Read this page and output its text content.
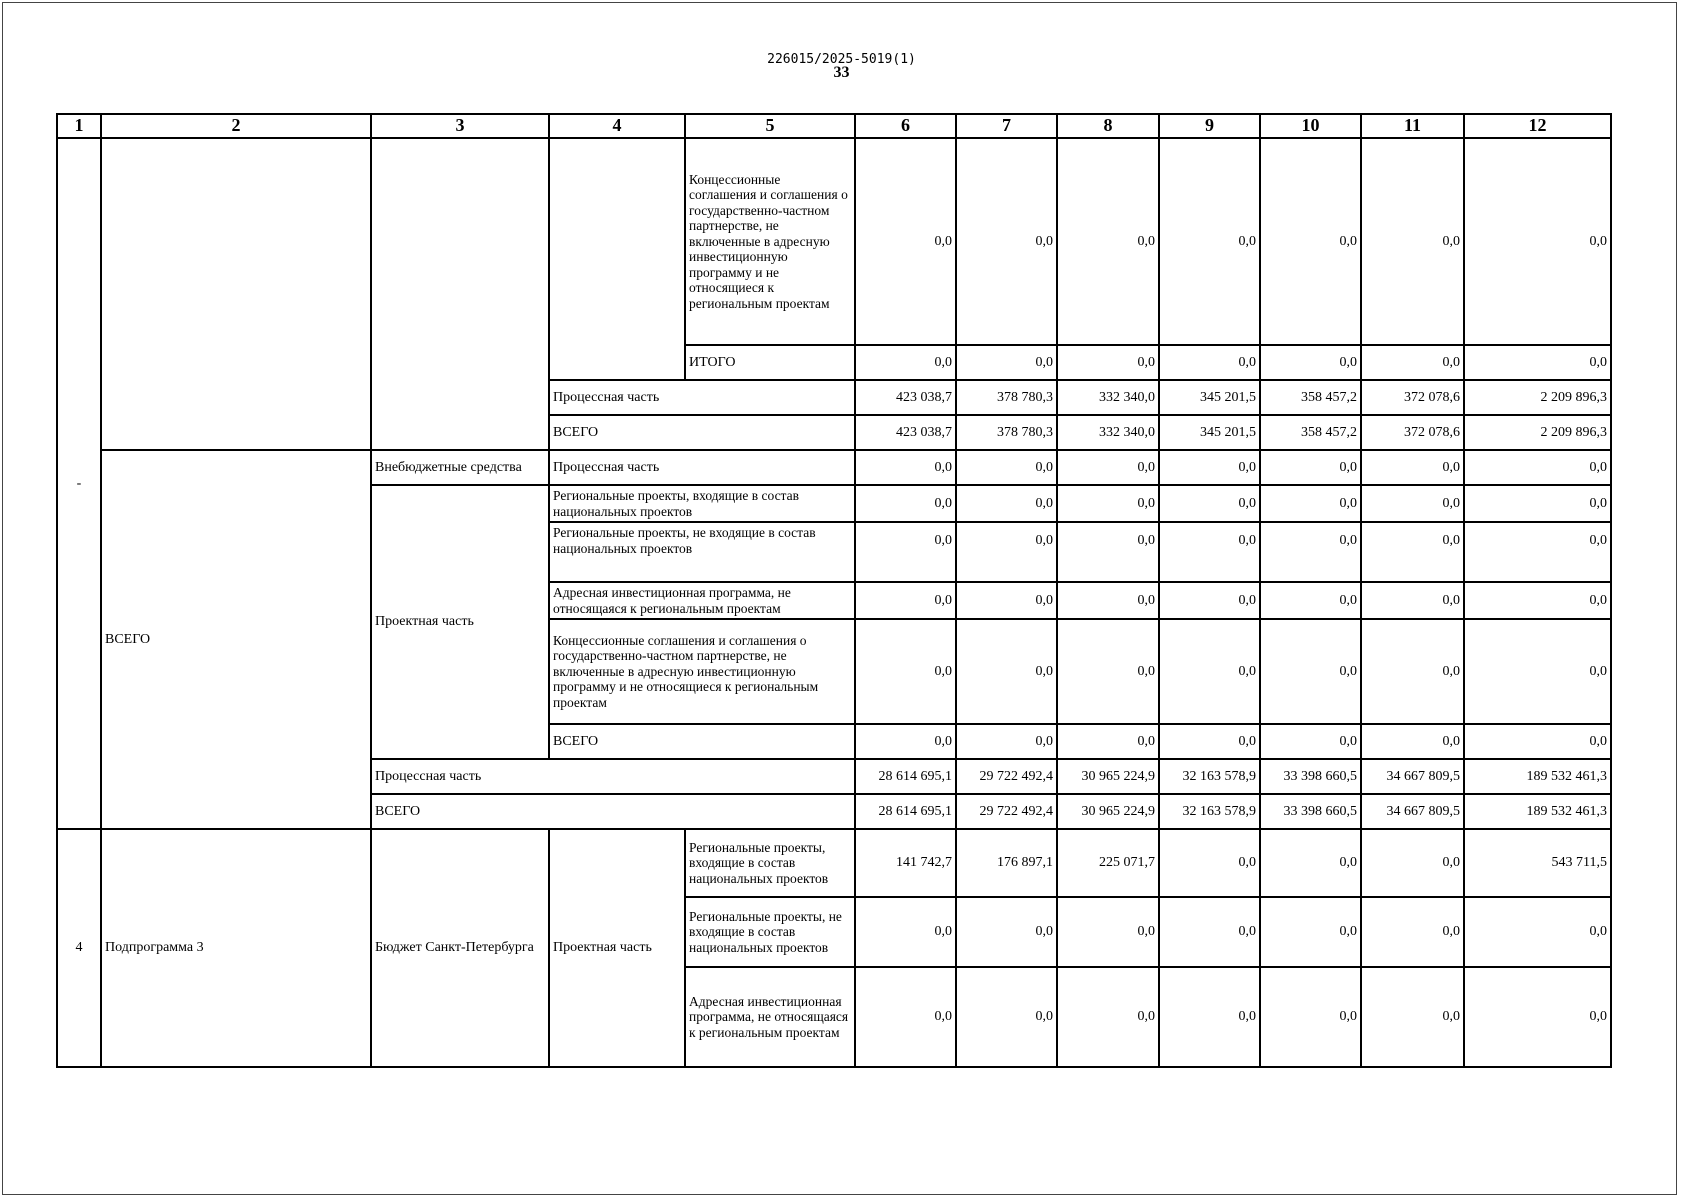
226015/2025-5019(1)
33
1	2	3	4	5	6	7	8	9	10	11	12
-				Концессионные соглашения и соглашения о государственно-частном партнерстве, не включенные в адресную инвестиционную программу и не относящиеся к региональным проектам	0,0	0,0	0,0	0,0	0,0	0,0	0,0
				ИТОГО	0,0	0,0	0,0	0,0	0,0	0,0	0,0
			Процессная часть		423 038,7	378 780,3	332 340,0	345 201,5	358 457,2	372 078,6	2 209 896,3
			ВСЕГО		423 038,7	378 780,3	332 340,0	345 201,5	358 457,2	372 078,6	2 209 896,3
	ВСЕГО	Внебюджетные средства	Процессная часть		0,0	0,0	0,0	0,0	0,0	0,0	0,0
		Проектная часть	Региональные проекты, входящие в состав национальных проектов		0,0	0,0	0,0	0,0	0,0	0,0	0,0
			Региональные проекты, не входящие в состав национальных проектов		0,0	0,0	0,0	0,0	0,0	0,0	0,0
			Адресная инвестиционная программа, не относящаяся к региональным проектам		0,0	0,0	0,0	0,0	0,0	0,0	0,0
			Концессионные соглашения и соглашения о государственно-частном партнерстве, не включенные в адресную инвестиционную программу и не относящиеся к региональным проектам		0,0	0,0	0,0	0,0	0,0	0,0	0,0
			ВСЕГО		0,0	0,0	0,0	0,0	0,0	0,0	0,0
		Процессная часть			28 614 695,1	29 722 492,4	30 965 224,9	32 163 578,9	33 398 660,5	34 667 809,5	189 532 461,3
		ВСЕГО			28 614 695,1	29 722 492,4	30 965 224,9	32 163 578,9	33 398 660,5	34 667 809,5	189 532 461,3
4	Подпрограмма 3	Бюджет Санкт-Петербурга	Проектная часть	Региональные проекты, входящие в состав национальных проектов	141 742,7	176 897,1	225 071,7	0,0	0,0	0,0	543 711,5
				Региональные проекты, не входящие в состав национальных проектов	0,0	0,0	0,0	0,0	0,0	0,0	0,0
				Адресная инвестиционная программа, не относящаяся к региональным проектам	0,0	0,0	0,0	0,0	0,0	0,0	0,0
